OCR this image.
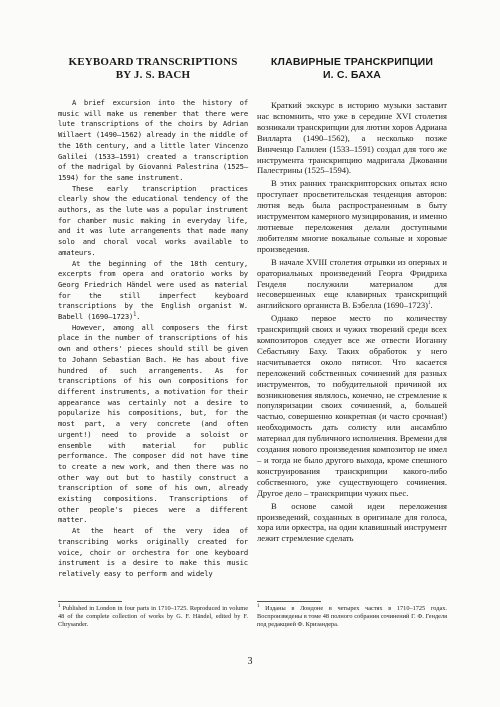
KEYBOARD TRANSCRIPTIONS
BY J. S. BACH

A brief excursion into the history of music will make us remember that there were lute transcriptions of the choirs by Adrian Willaert (1490–1562) already in the middle of the 16th century, and a little later Vincenzo Galilei (1533–1591) created a transcription of the madrigal by Giovanni Palestrina (1525–1594) for the same instrument.

These early transcription practices clearly show the educational tendency of the authors, as the lute was a popular instrument for chamber music making in everyday life, and it was lute arrangements that made many solo and choral vocal works available to amateurs.

At the beginning of the 18th century, excerpts from opera and oratorio works by Georg Friedrich Händel were used as material for the still imperfect keyboard transcriptions by the English organist W. Babell (1690–1723)$^1$.

However, among all composers the first place in the number of transcriptions of his own and others' pieces should still be given to Johann Sebastian Bach. He has about five hundred of such arrangements. As for transcriptions of his own compositions for different instruments, a motivation for their appearance was certainly not a desire to popularize his compositions, but, for the most part, a very concrete (and often urgent!) need to provide a soloist or ensemble with material for public performance. The composer did not have time to create a new work, and then there was no other way out but to hastily construct a transcription of some of his own, already existing compositions. Transcriptions of other people's pieces were a different matter.

At the heart of the very idea of transcribing works originally created for voice, choir or orchestra for one keyboard instrument is a desire to make this music relatively easy to perform and widely

КЛАВИРНЫЕ ТРАНСКРИПЦИИ
И. С. БАХА

Краткий экскурс в историю музыки заставит нас вспомнить, что уже в середине XVI столетия возникали транскрипции для лютни хоров Адриана Вилларта (1490–1562), а несколько позже Винченцо Галилеи (1533–1591) создал для того же инструмента транскрипцию мадригала Джованни Палестрины (1525–1594).

В этих ранних транскрипторских опытах ясно проступает просветительская тенденция авторов: лютня ведь была распространенным в быту инструментом камерного музицирования, и именно лютневые переложения делали доступными любителям многие вокальные сольные и хоровые произведения.

В начале XVIII столетия отрывки из оперных и ораториальных произведений Георга Фридриха Генделя послужили материалом для несовершенных еще клавирных транскрипций английского органиста В. Бэбелла (1690–1723)$^1$.

Однако первое место по количеству транскрипций своих и чужих творений среди всех композиторов следует все же отвести Иоганну Себастьяну Баху. Таких обработок у него насчитывается около пятисот. Что касается переложений собственных сочинений для разных инструментов, то побудительной причиной их возникновения являлось, конечно, не стремление к популяризации своих сочинений, а, большей частью, совершенно конкретная (и часто срочная!) необходимость дать солисту или ансамблю материал для публичного исполнения. Времени для создания нового произведения композитор не имел – и тогда не было другого выхода, кроме спешного конструирования транскрипции какого-либо собственного, уже существующего сочинения. Другое дело – транскрипции чужих пьес.

В основе самой идеи переложения произведений, созданных в оригинале для голоса, хора или оркестра, на один клавишный инструмент лежит стремление сделать

$^1$ Published in London in four parts in 1710–1725. Reproduced in volume 48 of the complete collection of works by G. F. Händel, edited by F. Chrysander.
$^1$ Изданы в Лондоне в четырех частях в 1710–1725 годах. Воспроизведены в томе 48 полного собрания сочинений Г. Ф. Генделя под редакцией Ф. Кризандера.
3
